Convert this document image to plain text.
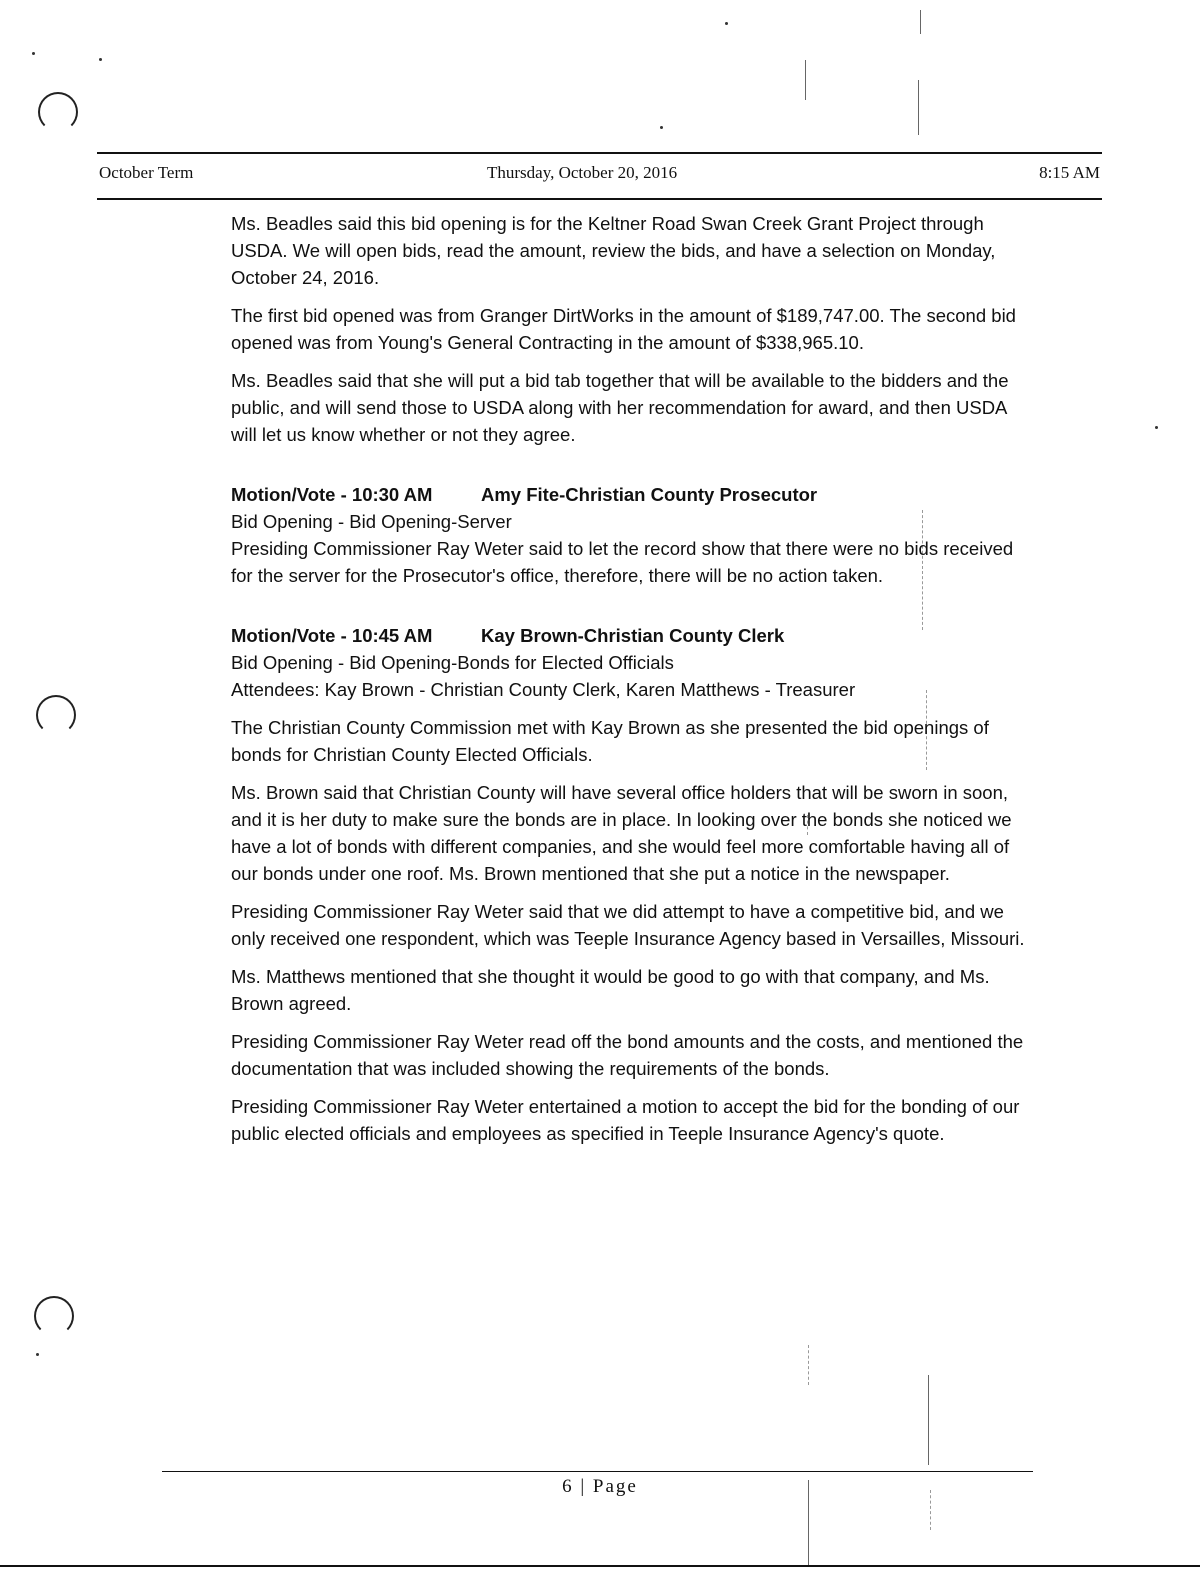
October Term	Thursday, October 20, 2016	8:15 AM

Ms. Beadles said this bid opening is for the Keltner Road Swan Creek Grant Project through USDA. We will open bids, read the amount, review the bids, and have a selection on Monday, October 24, 2016.

The first bid opened was from Granger DirtWorks in the amount of $189,747.00. The second bid opened was from Young's General Contracting in the amount of $338,965.10.

Ms. Beadles said that she will put a bid tab together that will be available to the bidders and the public, and will send those to USDA along with her recommendation for award, and then USDA will let us know whether or not they agree.

Motion/Vote - 10:30 AM	Amy Fite-Christian County Prosecutor
Bid Opening - Bid Opening-Server
Presiding Commissioner Ray Weter said to let the record show that there were no bids received for the server for the Prosecutor's office, therefore, there will be no action taken.
Motion/Vote - 10:45 AM	Kay Brown-Christian County Clerk
Bid Opening - Bid Opening-Bonds for Elected Officials
Attendees: Kay Brown - Christian County Clerk, Karen Matthews - Treasurer

The Christian County Commission met with Kay Brown as she presented the bid openings of bonds for Christian County Elected Officials.

Ms. Brown said that Christian County will have several office holders that will be sworn in soon, and it is her duty to make sure the bonds are in place. In looking over the bonds she noticed we have a lot of bonds with different companies, and she would feel more comfortable having all of our bonds under one roof. Ms. Brown mentioned that she put a notice in the newspaper.

Presiding Commissioner Ray Weter said that we did attempt to have a competitive bid, and we only received one respondent, which was Teeple Insurance Agency based in Versailles, Missouri.

Ms. Matthews mentioned that she thought it would be good to go with that company, and Ms. Brown agreed.

Presiding Commissioner Ray Weter read off the bond amounts and the costs, and mentioned the documentation that was included showing the requirements of the bonds.

Presiding Commissioner Ray Weter entertained a motion to accept the bid for the bonding of our public elected officials and employees as specified in Teeple Insurance Agency's quote.

6 | Page
